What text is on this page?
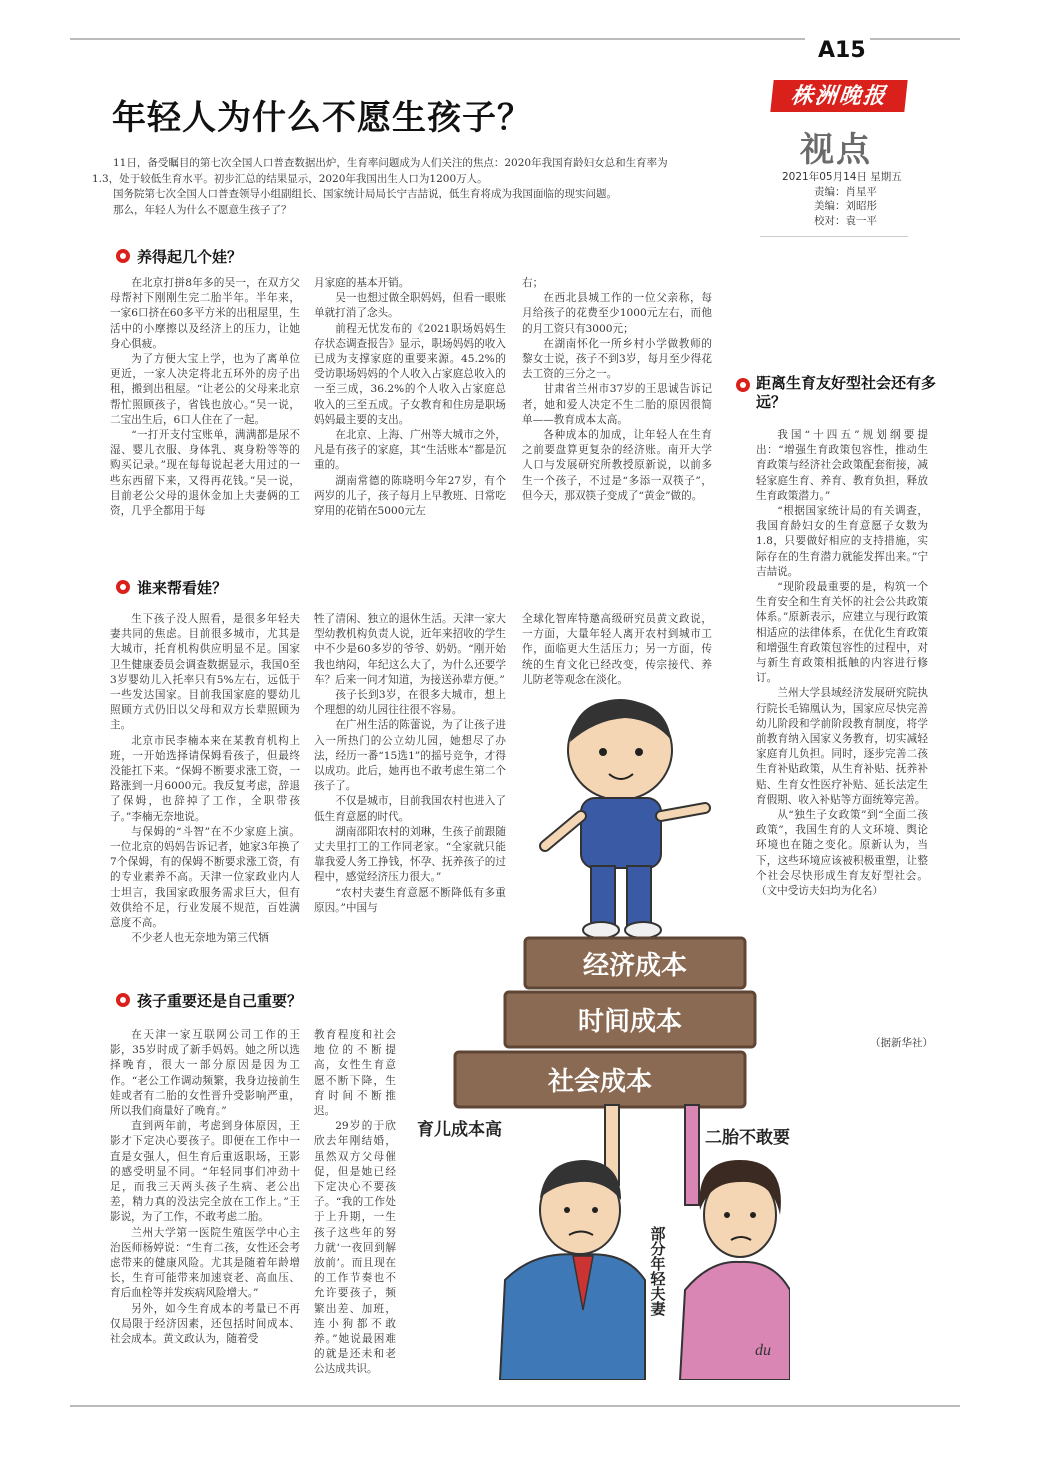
A15
株洲晚报
视点
2021年05月14日 星期五
责编：肖星平
美编：刘昭彤
校对：袁一平
年轻人为什么不愿生孩子？

11日，备受瞩目的第七次全国人口普查数据出炉，生育率问题成为人们关注的焦点：2020年我国育龄妇女总和生育率为1.3，处于较低生育水平。初步汇总的结果显示，2020年我国出生人口为1200万人。

国务院第七次全国人口普查领导小组副组长、国家统计局局长宁吉喆说，低生育将成为我国面临的现实问题。

那么，年轻人为什么不愿意生孩子了？

养得起几个娃？

在北京打拼8年多的吴一，在双方父母帮衬下刚刚生完二胎半年。半年来，一家6口挤在60多平方米的出租屋里，生活中的小摩擦以及经济上的压力，让她身心俱疲。

为了方便大宝上学，也为了离单位更近，一家人决定将北五环外的房子出租，搬到出租屋。“让老公的父母来北京帮忙照顾孩子，省钱也放心。”吴一说，二宝出生后，6口人住在了一起。

“一打开支付宝账单，满满都是尿不湿、婴儿衣服、身体乳、爽身粉等等的购买记录。”现在每每说起老大用过的一些东西留下来，又得再花钱。”吴一说，目前老公父母的退休金加上夫妻俩的工资，几乎全都用于每

月家庭的基本开销。

吴一也想过做全职妈妈，但看一眼账单就打消了念头。

前程无忧发布的《2021职场妈妈生存状态调查报告》显示，职场妈妈的收入已成为支撑家庭的重要来源。45.2%的受访职场妈妈的个人收入占家庭总收入的一至三成，36.2%的个人收入占家庭总收入的三至五成。子女教育和住房是职场妈妈最主要的支出。

在北京、上海、广州等大城市之外，凡是有孩子的家庭，其“生活账本”都是沉重的。

湖南常德的陈晓明今年27岁，有个两岁的儿子，孩子每月上早教班、日常吃穿用的花销在5000元左

右；

在西北县城工作的一位父亲称，每月给孩子的花费至少1000元左右，而他的月工资只有3000元；

在湖南怀化一所乡村小学做教师的黎女士说，孩子不到3岁，每月至少得花去工资的三分之一。

甘肃省兰州市37岁的王思诚告诉记者，她和爱人决定不生二胎的原因很简单——教育成本太高。

各种成本的加成，让年轻人在生育之前要盘算更复杂的经济账。南开大学人口与发展研究所教授原新说，以前多生一个孩子，不过是“多添一双筷子”，但今天，那双筷子变成了“黄金”做的。

谁来帮看娃？

生下孩子没人照看，是很多年轻夫妻共同的焦虑。目前很多城市，尤其是大城市，托育机构供应明显不足。国家卫生健康委员会调查数据显示，我国0至3岁婴幼儿入托率只有5%左右，远低于一些发达国家。目前我国家庭的婴幼儿照顾方式仍旧以父母和双方长辈照顾为主。

北京市民李楠本来在某教育机构上班，一开始选择请保姆看孩子，但最终没能扛下来。“保姆不断要求涨工资，一路涨到一月6000元。我反复考虑，辞退了保姆，也辞掉了工作，全职带孩子。”李楠无奈地说。

与保姆的“斗智”在不少家庭上演。一位北京的妈妈告诉记者，她家3年换了7个保姆，有的保姆不断要求涨工资，有的专业素养不高。天津一位家政业内人士坦言，我国家政服务需求巨大，但有效供给不足，行业发展不规范，百姓满意度不高。

不少老人也无奈地为第三代牺

牲了清闲、独立的退休生活。天津一家大型幼教机构负责人说，近年来招收的学生中不少是60多岁的爷爷、奶奶。“刚开始我也纳闷，年纪这么大了，为什么还要学车？后来一问才知道，为接送孙辈方便。”

孩子长到3岁，在很多大城市，想上个理想的幼儿园往往很不容易。

在广州生活的陈蕾说，为了让孩子进入一所热门的公立幼儿园，她想尽了办法，经历一番“15选1”的摇号竞争，才得以成功。此后，她再也不敢考虑生第二个孩子了。

不仅是城市，目前我国农村也进入了低生育意愿的时代。

湖南邵阳农村的刘琳，生孩子前跟随丈夫里打工的工作同老家。“全家就只能靠我爱人务工挣钱，怀孕、抚养孩子的过程中，感觉经济压力很大。”

“农村夫妻生育意愿不断降低有多重原因。”中国与

全球化智库特邀高级研究员黄文政说，一方面，大量年轻人离开农村到城市工作，面临更大生活压力；另一方面，传统的生育文化已经改变，传宗接代、养儿防老等观念在淡化。

孩子重要还是自己重要？

在天津一家互联网公司工作的王影，35岁时成了新手妈妈。她之所以选择晚育，很大一部分原因是因为工作。“老公工作调动频繁，我身边接前生娃或者有二胎的女性晋升受影响严重，所以我们商量好了晚育。”

直到两年前，考虑到身体原因，王影才下定决心要孩子。即便在工作中一直是女强人，但生育后重返职场，王影的感受明显不同。“年轻同事们冲劲十足，而我三天两头孩子生病、老公出差，精力真的没法完全放在工作上。”王影说，为了工作，不敢考虑二胎。

兰州大学第一医院生殖医学中心主治医师杨婷说：“生育二孩，女性还会考虑带来的健康风险。尤其是随着年龄增长，生育可能带来加速衰老、高血压、育后血栓等并发疾病风险增大。”

另外，如今生育成本的考量已不再仅局限于经济因素，还包括时间成本、社会成本。黄文政认为，随着受

教育程度和社会地位的不断提高，女性生育意愿不断下降，生育时间不断推迟。

29岁的于欣欣去年刚结婚，虽然双方父母催促，但是她已经下定决心不要孩子。“我的工作处于上升期，一生孩子这些年的努力就‘一夜回到解放前’。而且现在的工作节奏也不允许要孩子，频繁出差、加班，连小狗都不敢养。”她说最困难的就是还未和老公达成共识。

距离生育友好型社会还有多远？

我国“十四五”规划纲要提出：“增强生育政策包容性，推动生育政策与经济社会政策配套衔接，减轻家庭生育、养育、教育负担，释放生育政策潜力。”

“根据国家统计局的有关调查，我国育龄妇女的生育意愿子女数为1.8，只要做好相应的支持措施，实际存在的生育潜力就能发挥出来。”宁吉喆说。

“现阶段最重要的是，构筑一个生育安全和生育关怀的社会公共政策体系。”原新表示，应建立与现行政策相适应的法律体系，在优化生育政策和增强生育政策包容性的过程中，对与新生育政策相抵触的内容进行修订。

兰州大学县域经济发展研究院执行院长毛锦凰认为，国家应尽快完善幼儿阶段和学前阶段教育制度，将学前教育纳入国家义务教育，切实减轻家庭育儿负担。同时，逐步完善二孩生育补贴政策，从生育补贴、抚养补贴、生育女性医疗补贴、延长法定生育假期、收入补贴等方面统筹完善。

从“独生子女政策”到“全面二孩政策”，我国生育的人文环境、舆论环境也在随之变化。原新认为，当下，这些环境应该被积极重塑，让整个社会尽快形成生育友好型社会。（文中受访夫妇均为化名）

（据新华社）
经济成本
时间成本
社会成本
育儿成本高	二胎不敢要
部分年轻夫妻
du
